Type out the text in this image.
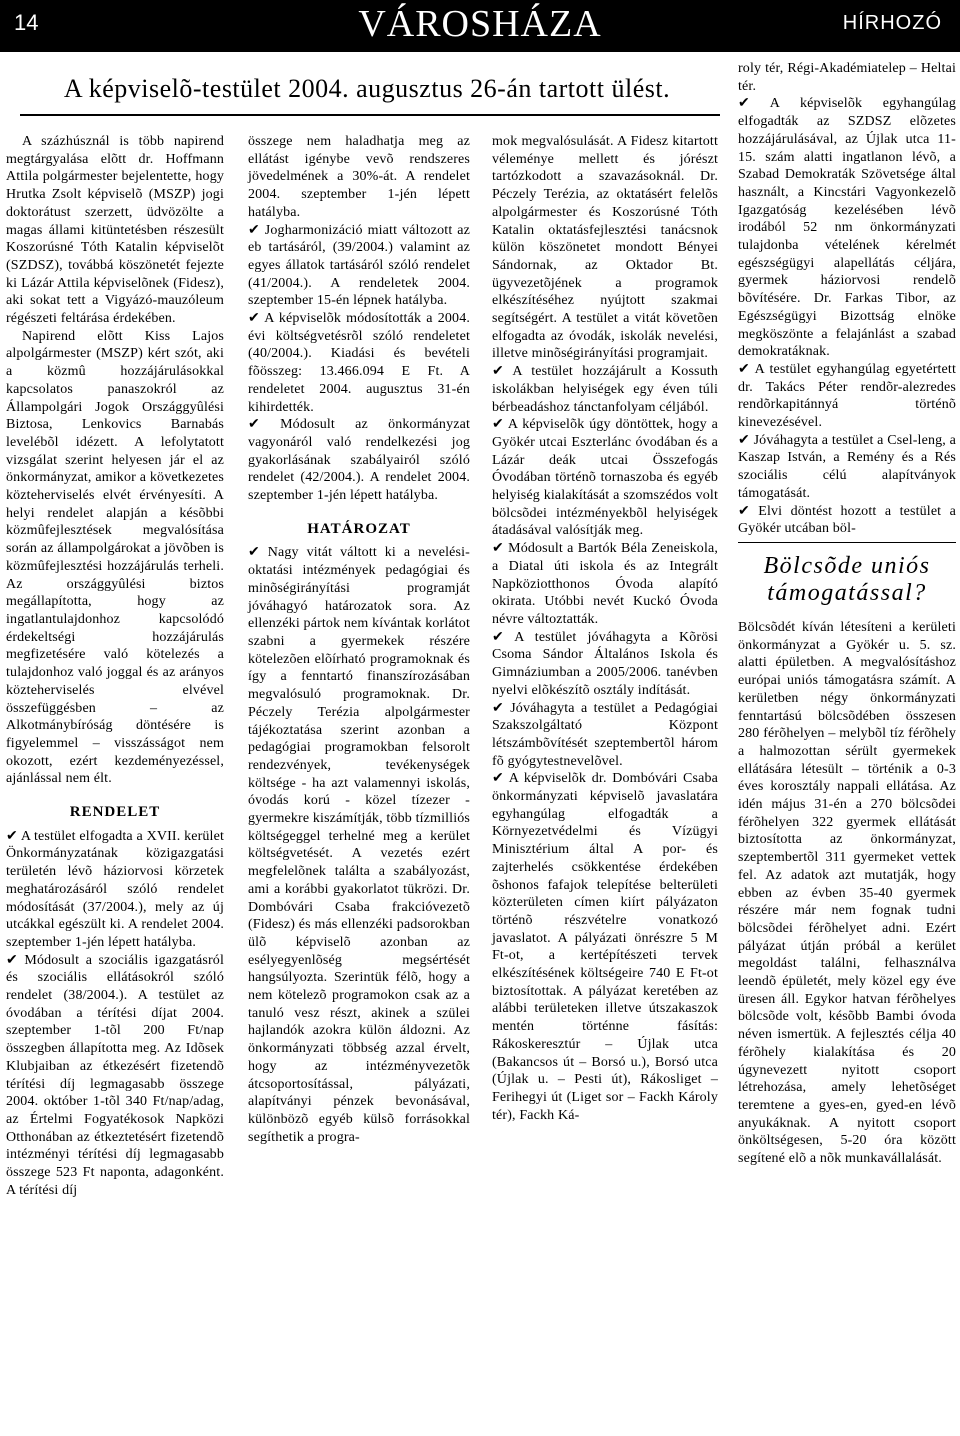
14	VÁROSHÁZA	HÍRHOZÓ
A képviselõ-testület 2004. augusztus 26-án tartott ülést.

A százhúsznál is több napirend megtárgyalása elõtt dr. Hoffmann Attila polgármester bejelentette, hogy Hrutka Zsolt képviselõ (MSZP) jogi doktorátust szerzett, üdvözölte a magas állami kitüntetésben részesült Koszorúsné Tóth Katalin képviselõt (SZDSZ), továbbá köszönetét fejezte ki Lázár Attila képviselõnek (Fidesz), aki sokat tett a Vigyázó-mauzóleum régészeti feltárása érdekében.

Napirend elõtt Kiss Lajos alpolgármester (MSZP) kért szót, aki a közmû hozzájárulásokkal kapcsolatos panaszokról az Állampolgári Jogok Országgyûlési Biztosa, Lenkovics Barnabás levelébõl idézett. A lefolytatott vizsgálat szerint helyesen jár el az önkormányzat, amikor a következetes közteherviselés elvét érvényesíti. A helyi rendelet alapján a késõbbi közmûfejlesztések megvalósítása során az állampolgárokat a jövõben is közmûfejlesztési hozzájárulás terheli. Az országgyûlési biztos megállapította, hogy az ingatlantulajdonhoz kapcsolódó érdekeltségi hozzájárulás megfizetésére való kötelezés a tulajdonhoz való joggal és az arányos közteherviselés elvével összefüggésben – az Alkotmánybíróság döntésére is figyelemmel – visszásságot nem okozott, ezért kezdeményezéssel, ajánlással nem élt.

RENDELET

✔ A testület elfogadta a XVII. kerület Önkormányzatának közigazgatási területén lévõ háziorvosi körzetek meghatározásáról szóló rendelet módosítását (37/2004.), mely az új utcákkal egészült ki. A rendelet 2004. szeptember 1-jén lépett hatályba.

✔ Módosult a szociális igazgatásról és szociális ellátásokról szóló rendelet (38/2004.). A testület az óvodában a térítési díjat 2004. szeptember 1-tõl 200 Ft/nap összegben állapította meg. Az Idõsek Klubjaiban az étkezésért fizetendõ térítési díj legmagasabb összege 2004. október 1-tõl 340 Ft/nap/adag, az Értelmi Fogyatékosok Napközi Otthonában az étkeztetésért fizetendõ intézményi térítési díj legmagasabb összege 523 Ft naponta, adagonként. A térítési díj

összege nem haladhatja meg az ellátást igénybe vevõ rendszeres jövedelmének a 30%-át. A rendelet 2004. szeptember 1-jén lépett hatályba.

✔ Jogharmonizáció miatt változott az eb tartásáról, (39/2004.) valamint az egyes állatok tartásáról szóló rendelet (41/2004.). A rendeletek 2004. szeptember 15-én lépnek hatályba.

✔ A képviselõk módosították a 2004. évi költségvetésrõl szóló rendeletet (40/2004.). Kiadási és bevételi fõösszeg: 13.466.094 E Ft. A rendeletet 2004. augusztus 31-én kihirdették.

✔ Módosult az önkormányzat vagyonáról való rendelkezési jog gyakorlásának szabályairól szóló rendelet (42/2004.). A rendelet 2004. szeptember 1-jén lépett hatályba.

HATÁROZAT

✔ Nagy vitát váltott ki a nevelési-oktatási intézmények pedagógiai és minõségirányítási programját jóváhagyó határozatok sora. Az ellenzéki pártok nem kívántak korlátot szabni a gyermekek részére kötelezõen elõírható programoknak és így a fenntartó finanszírozásában megvalósuló programoknak. Dr. Péczely Terézia alpolgármester tájékoztatása szerint azonban a pedagógiai programokban felsorolt rendezvények, tevékenységek költsége - ha azt valamennyi iskolás, óvodás korú - közel tízezer - gyermekre kiszámítják, több tízmilliós költségeggel terhelné meg a kerület költségvetését. A vezetés ezért megfelelõnek találta a szabályozást, ami a korábbi gyakorlatot tükrözi. Dr. Dombóvári Csaba frakcióvezetõ (Fidesz) és más ellenzéki padsorokban ülõ képviselõ azonban az esélyegyenlõség megsértését hangsúlyozta. Szerintük félõ, hogy a nem kötelezõ programokon csak az a tanuló vesz részt, akinek a szülei hajlandók azokra külön áldozni. Az önkormányzati többség azzal érvelt, hogy az intézményvezetõk átcsoportosítással, pályázati, alapítványi pénzek bevonásával, különbözõ egyéb külsõ forrásokkal segíthetik a progra-

mok megvalósulását. A Fidesz kitartott véleménye mellett és jórészt tartózkodott a szavazásoknál. Dr. Péczely Terézia, az oktatásért felelõs alpolgármester és Koszorúsné Tóth Katalin oktatásfejlesztési tanácsnok külön köszönetet mondott Bényei Sándornak, az Oktador Bt. ügyvezetõjének a programok elkészítéséhez nyújtott szakmai segítségért. A testület a vitát követõen elfogadta az óvodák, iskolák nevelési, illetve minõségirányítási programjait.

✔ A testület hozzájárult a Kossuth iskolákban helyiségek egy éven túli bérbeadáshoz tánctanfolyam céljából.

✔ A képviselõk úgy döntöttek, hogy a Gyökér utcai Eszterlánc óvodában és a Lázár deák utcai Összefogás Óvodában történõ tornaszoba és egyéb helyiség kialakítását a szomszédos volt bölcsõdei intézményekbõl helyiségek átadásával valósítják meg.

✔ Módosult a Bartók Béla Zeneiskola, a Diatal úti iskola és az Integrált Napköziotthonos Óvoda alapító okirata. Utóbbi nevét Kuckó Óvoda névre változtatták.

✔ A testület jóváhagyta a Kõrösi Csoma Sándor Általános Iskola és Gimnáziumban a 2005/2006. tanévben nyelvi elõkészítõ osztály indítását.

✔ Jóváhagyta a testület a Pedagógiai Szakszolgáltató Központ létszámbõvítését szeptembertõl három fõ gyógytestnevelõvel.

✔ A képviselõk dr. Dombóvári Csaba önkormányzati képviselõ javaslatára egyhangúlag elfogadták a Környezetvédelmi és Vízügyi Minisztérium által A por- és zajterhelés csökkentése érdekében õshonos fafajok telepítése belterületi közterületen címen kiírt pályázaton történõ részvételre vonatkozó javaslatot. A pályázati önrészre 5 M Ft-ot, a kertépítészeti tervek elkészítésének költségeire 740 E Ft-ot biztosítottak. A pályázat keretében az alábbi területeken illetve útszakaszok mentén történne fásítás: Rákoskeresztúr – Újlak utca (Bakancsos út – Borsó u.), Borsó utca (Újlak u. – Pesti út), Rákosliget – Ferihegyi út (Liget sor – Fackh Károly tér), Fackh Ká-

roly tér, Régi-Akadémiatelep – Heltai tér.

✔ A képviselõk egyhangúlag elfogadták az SZDSZ elõzetes hozzájárulásával, az Újlak utca 11-15. szám alatti ingatlanon lévõ, a Szabad Demokraták Szövetsége által használt, a Kincstári Vagyonkezelõ Igazgatóság kezelésében lévõ irodából 52 nm önkormányzati tulajdonba vételének kérelmét egészségügyi alapellátás céljára, gyermek háziorvosi rendelõ bõvítésére. Dr. Farkas Tibor, az Egészségügyi Bizottság elnöke megköszönte a felajánlást a szabad demokratáknak.

✔ A testület egyhangúlag egyetértett dr. Takács Péter rendõr-alezredes rendõrkapitánnyá történõ kinevezésével.

✔ Jóváhagyta a testület a Csel-leng, a Kaszap István, a Remény és a Rés szociális célú alapítványok támogatását.

✔ Elvi döntést hozott a testület a Gyökér utcában böl-

Bölcsõde uniós támogatással?

Bölcsõdét kíván létesíteni a kerületi önkormányzat a Gyökér u. 5. sz. alatti épületben. A megvalósításhoz európai uniós támogatásra számít. A kerületben négy önkormányzati fenntartású bölcsõdében összesen 280 férõhelyen – melybõl tíz férõhely a halmozottan sérült gyermekek ellátására létesült – történik a 0-3 éves korosztály nappali ellátása. Az idén május 31-én a 270 bölcsõdei férõhelyen 322 gyermek ellátását biztosította az önkormányzat, szeptembertõl 311 gyermeket vettek fel. Az adatok azt mutatják, hogy ebben az évben 35-40 gyermek részére már nem fognak tudni bölcsõdei férõhelyet adni. Ezért pályázat útján próbál a kerület megoldást találni, felhasználva leendõ épületét, mely közel egy éve üresen áll. Egykor hatvan férõhelyes bölcsõde volt, késõbb Bambi óvoda néven ismertük. A fejlesztés célja 40 férõhely kialakítása és 20 úgynevezett nyitott csoport létrehozása, amely lehetõséget teremtene a gyes-en, gyed-en lévõ anyukáknak. A nyitott csoport önköltségesen, 5-20 óra között segítené elõ a nõk munkavállalását.
